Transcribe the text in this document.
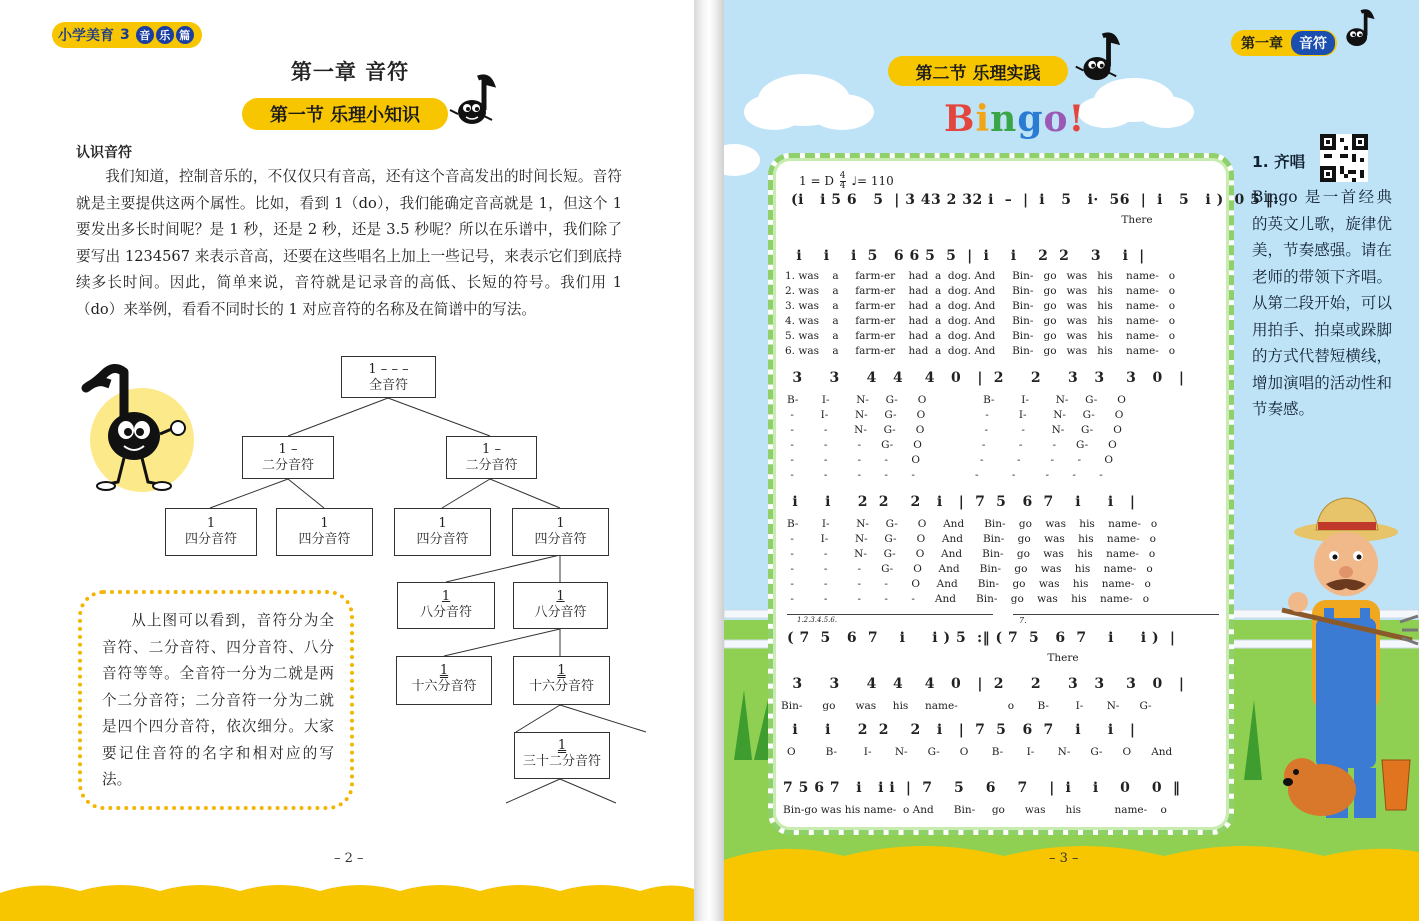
小学美育 3 音 乐 篇
第一章 音符
第一节 乐理小知识
认识音符
我们知道，控制音乐的，不仅仅只有音高，还有这个音高发出的时间长短。音符就是主要提供这两个属性。比如，看到 1（do），我们能确定音高就是 1，但这个 1 要发出多长时间呢？是 1 秒，还是 2 秒，还是 3.5 秒呢？所以在乐谱中，我们除了要写出 1234567 来表示音高，还要在这些唱名上加上一些记号，来表示它们到底持续多长时间。因此，简单来说，音符就是记录音的高低、长短的符号。我们用 1（do）来举例，看看不同时长的 1 对应音符的名称及在简谱中的写法。
1 – – –
全音符
1 –
二分音符
1 –
二分音符
1
四分音符
1
四分音符
1
四分音符
1
四分音符
1
八分音符
1
八分音符
1
十六分音符
1
十六分音符
1
三十二分音符
从上图可以看到，音符分为全音符、二分音符、四分音符、八分音符等等。全音符一分为二就是两个二分音符；二分音符一分为二就是四个四分音符，依次细分。大家要记住音符的名字和相对应的写法。
– 2 –
第一章	音符
第二节 乐理实践
Bingo!
1 = D $\frac{4}{4}$ ♩= 110
(i   i 5 6   5  | 3 43 2 32 i  –  |  i   5   i·  56  |  i   5   i )  0 5 ‖:
There
i    i    i  5   6 6 5  5  |  i    i    2  2    3    i  |
1. was    a     farm-er    had  a  dog. And     Bin-   go   was   his    name-   o
2. was    a     farm-er    had  a  dog. And     Bin-   go   was   his    name-   o
3. was    a     farm-er    had  a  dog. And     Bin-   go   was   his    name-   o
4. was    a     farm-er    had  a  dog. And     Bin-   go   was   his    name-   o
5. was    a     farm-er    had  a  dog. And     Bin-   go   was   his    name-   o
6. was    a     farm-er    had  a  dog. And     Bin-   go   was   his    name-   o
3     3     4   4    4   0   |  2     2     3   3    3   0   |
B-       I-        N-     G-      O                 B-        I-        N-     G-      O
-        I-        N-     G-      O                  -         I-        N-     G-      O
-         -        N-     G-      O                  -          -        N-     G-      O
-         -         -      G-      O                  -          -         -      G-      O
-         -         -       -       O                  -          -         -       -       O
-         -         -       -       -                  -          -         -       -       -
i     i     2  2    2   i   |  7  5   6  7    i     i   |
B-       I-        N-     G-      O     And      Bin-    go    was    his    name-   o
-        I-        N-     G-      O     And      Bin-    go    was    his    name-   o
-         -        N-     G-      O     And      Bin-    go    was    his    name-   o
-         -         -      G-      O     And      Bin-    go    was    his    name-   o
-         -         -       -       O     And      Bin-    go    was    his    name-   o
-         -         -       -       -      And      Bin-    go    was    his    name-   o
1.2.3.4.5.6.	7.
( 7  5   6  7    i     i ) 5  :‖ ( 7  5   6  7    i     i )  |
There
3     3     4   4    4   0   |  2     2     3   3    3   0   |
Bin-      go      was     his     name-               o       B-        I-       N-      G-
i     i     2  2    2   i   |  7  5   6  7    i     i   |
O         B-        I-       N-      G-      O       B-       I-       N-      G-      O      And
7 5 6 7   i   i i  |  7    5    6    7    |  i    i    0    0  ‖
Bin-go was his name-  o And      Bin-     go      was      his          name-    o
1. 齐唱
Bingo 是一首经典的英文儿歌，旋律优美，节奏感强。请在老师的带领下齐唱。从第二段开始，可以用拍手、拍桌或跺脚的方式代替短横线，增加演唱的活动性和节奏感。
– 3 –
